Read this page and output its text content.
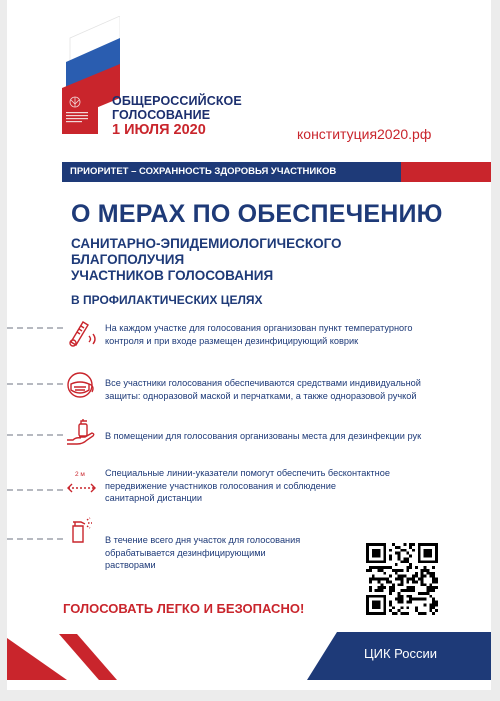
ОБЩЕРОССИЙСКОЕ
ГОЛОСОВАНИЕ
1 ИЮЛЯ 2020	конституция2020.рф
ПРИОРИТЕТ – СОХРАННОСТЬ ЗДОРОВЬЯ УЧАСТНИКОВ ГОЛОСОВАНИЯ
О МЕРАХ ПО ОБЕСПЕЧЕНИЮ
САНИТАРНО-ЭПИДЕМИОЛОГИЧЕСКОГО БЛАГОПОЛУЧИЯ
УЧАСТНИКОВ ГОЛОСОВАНИЯ
В ПРОФИЛАКТИЧЕСКИХ ЦЕЛЯХ
На каждом участке для голосования организован пункт температурного
контроля и при входе размещен дезинфицирующий коврик
Все участники голосования обеспечиваются средствами индивидуальной
защиты: одноразовой маской и перчатками, а также одноразовой ручкой
В помещении для голосования организованы места для дезинфекции рук
2 м Специальные линии-указатели помогут обеспечить бесконтактное
передвижение участников голосования и соблюдение
санитарной дистанции
В течение всего дня участок для голосования
обрабатывается дезинфицирующими
растворами
ГОЛОСОВАТЬ ЛЕГКО И БЕЗОПАСНО!
ЦИК России
